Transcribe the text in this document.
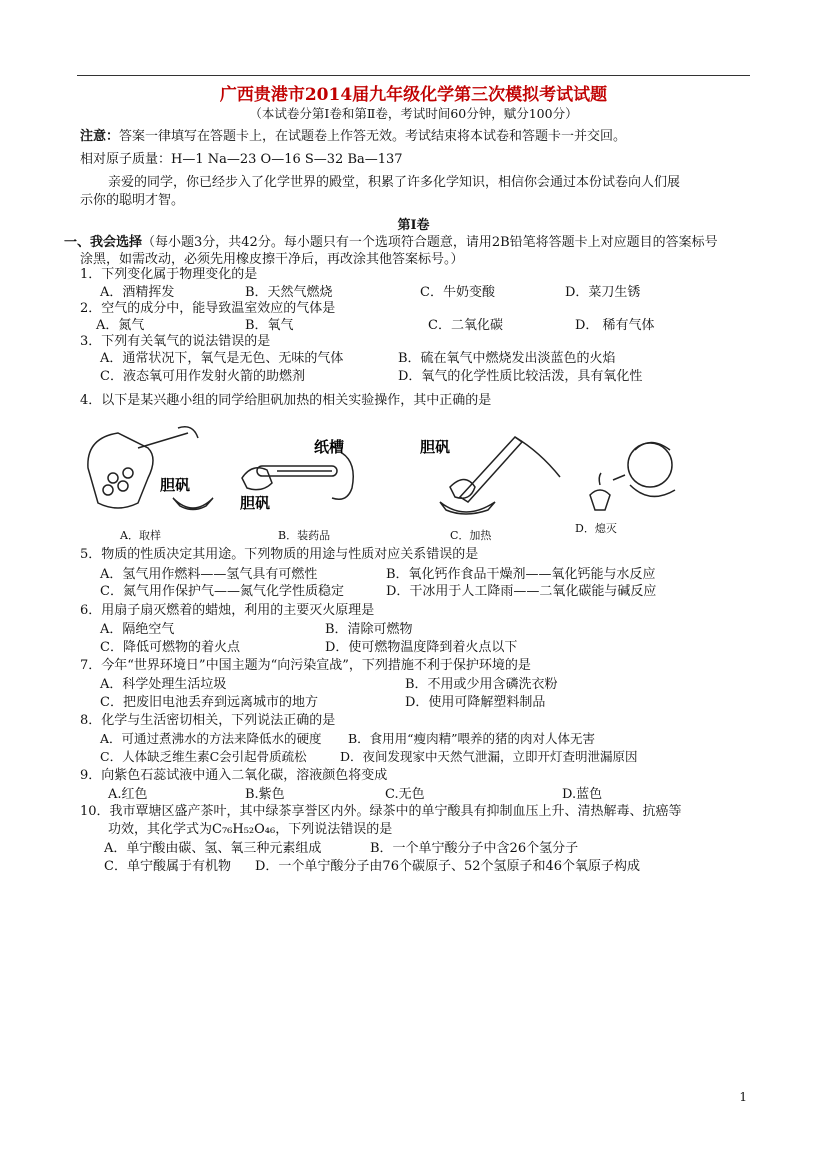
广西贵港市2014届九年级化学第三次模拟考试试题
（本试卷分第Ⅰ卷和第Ⅱ卷，考试时间60分钟，赋分100分）
注意：答案一律填写在答题卡上，在试题卷上作答无效。考试结束将本试卷和答题卡一并交回。
相对原子质量：H—1 Na—23 O—16 S—32 Ba—137
亲爱的同学，你已经步入了化学世界的殿堂，积累了许多化学知识，相信你会通过本份试卷向人们展
示你的聪明才智。
第Ⅰ卷
一、我会选择（每小题3分，共42分。每小题只有一个选项符合题意，请用2B铅笔将答题卡上对应题目的答案标号
涂黑，如需改动，必须先用橡皮擦干净后，再改涂其他答案标号。）
1．下列变化属于物理变化的是
A．酒精挥发	B．天然气燃烧	C．牛奶变酸	D．菜刀生锈
2．空气的成分中，能导致温室效应的气体是
A．氮气	B．氧气	C．二氧化碳	D． 稀有气体
3．下列有关氧气的说法错误的是
A．通常状况下，氧气是无色、无味的气体	B．硫在氧气中燃烧发出淡蓝色的火焰
C．液态氧可用作发射火箭的助燃剂	D．氧气的化学性质比较活泼，具有氧化性
4．以下是某兴趣小组的同学给胆矾加热的相关实验操作，其中正确的是
胆矾
纸槽
胆矾
胆矾
A．取样	B．装药品	C．加热
D．熄灭
5．物质的性质决定其用途。下列物质的用途与性质对应关系错误的是
A．氢气用作燃料——氢气具有可燃性	B．氧化钙作食品干燥剂——氧化钙能与水反应
C．氮气用作保护气——氮气化学性质稳定	D．干冰用于人工降雨——二氧化碳能与碱反应
6．用扇子扇灭燃着的蜡烛，利用的主要灭火原理是
A．隔绝空气	B．清除可燃物
C．降低可燃物的着火点	D．使可燃物温度降到着火点以下
7．今年“世界环境日”中国主题为“向污染宣战”，下列措施不利于保护环境的是
A．科学处理生活垃圾	B．不用或少用含磷洗衣粉
C．把废旧电池丢弃到远离城市的地方	D．使用可降解塑料制品
8．化学与生活密切相关，下列说法正确的是
A．可通过煮沸水的方法来降低水的硬度 B．食用用“瘦肉精”喂养的猪的肉对人体无害
C．人体缺乏维生素C会引起骨质疏松	D．夜间发现家中天然气泄漏，立即开灯查明泄漏原因
9．向紫色石蕊试液中通入二氧化碳，溶液颜色将变成
A.红色	B.紫色	C.无色	D.蓝色
10．我市覃塘区盛产茶叶，其中绿茶享誉区内外。绿茶中的单宁酸具有抑制血压上升、清热解毒、抗癌等
功效，其化学式为C₇₆H₅₂O₄₆，下列说法错误的是
A．单宁酸由碳、氢、氧三种元素组成	B．一个单宁酸分子中含26个氢分子
C．单宁酸属于有机物 D．一个单宁酸分子由76个碳原子、52个氢原子和46个氧原子构成
1
